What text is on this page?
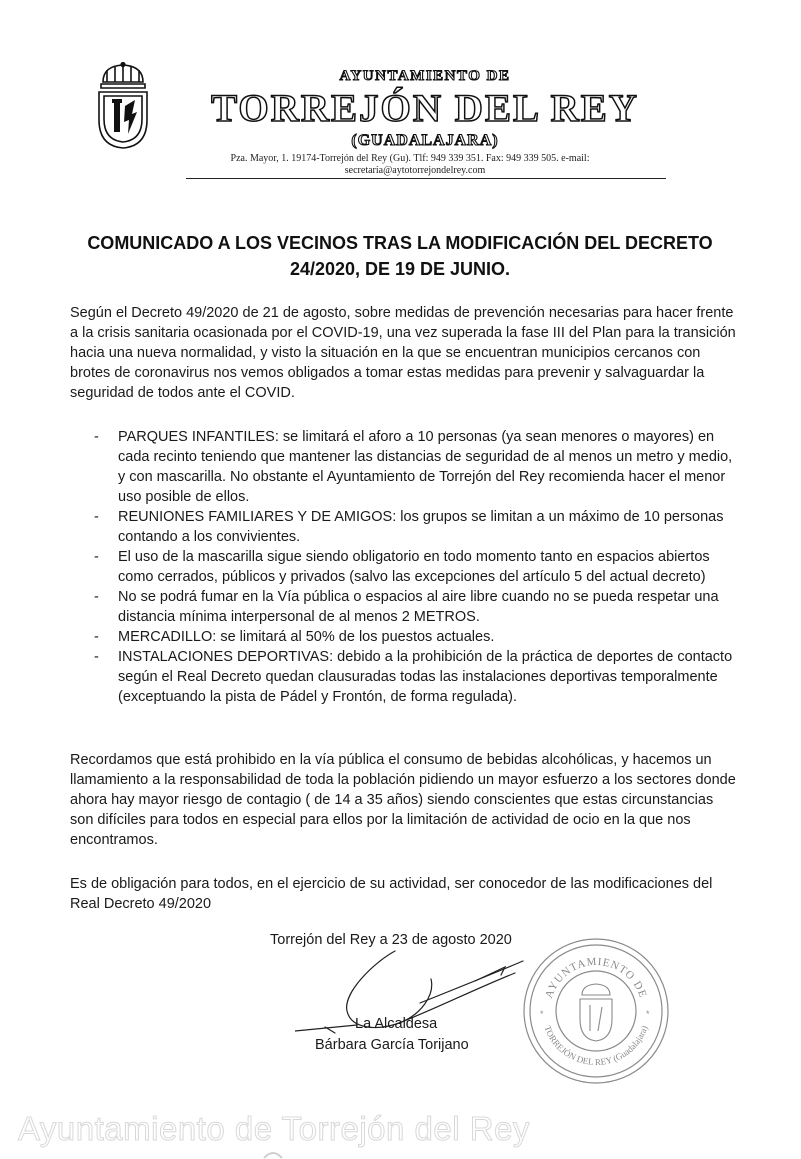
AYUNTAMIENTO DE
TORREJÓN DEL REY
(GUADALAJARA)
Pza. Mayor, 1. 19174-Torrejón del Rey (Gu). Tlf: 949 339 351. Fax: 949 339 505. e-mail:
secretaria@aytotorrejondelrey.com
COMUNICADO A LOS VECINOS TRAS LA MODIFICACIÓN DEL DECRETO 24/2020, DE 19 DE JUNIO.
Según el Decreto 49/2020 de 21 de agosto, sobre medidas de prevención necesarias para hacer frente a la crisis sanitaria ocasionada por el COVID-19, una vez superada la fase III del Plan para la transición hacia una nueva normalidad, y visto la situación en la que se encuentran municipios cercanos con brotes de coronavirus nos vemos obligados a tomar estas medidas para prevenir y salvaguardar la seguridad de todos ante el COVID.
- PARQUES INFANTILES: se limitará el aforo a 10 personas (ya sean menores o mayores) en cada recinto teniendo que mantener las distancias de seguridad de al menos un metro y medio, y con mascarilla. No obstante el Ayuntamiento de Torrejón del Rey recomienda hacer el menor uso posible de ellos.
- REUNIONES FAMILIARES Y DE AMIGOS: los grupos se limitan a un máximo de 10 personas contando a los convivientes.
- El uso de la mascarilla sigue siendo obligatorio en todo momento tanto en espacios abiertos como cerrados, públicos y privados (salvo las excepciones del artículo 5 del actual decreto)
- No se podrá fumar en la Vía pública o espacios al aire libre cuando no se pueda respetar una distancia mínima interpersonal de al menos 2 METROS.
- MERCADILLO: se limitará al 50% de los puestos actuales.
- INSTALACIONES DEPORTIVAS: debido a la prohibición de la práctica de deportes de contacto según el Real Decreto quedan clausuradas todas las instalaciones deportivas temporalmente (exceptuando la pista de Pádel y Frontón, de forma regulada).
Recordamos que está prohibido en la vía pública el consumo de bebidas alcohólicas, y hacemos un llamamiento a la responsabilidad de toda la población pidiendo un mayor esfuerzo a los sectores donde ahora hay mayor riesgo de contagio ( de 14 a 35 años) siendo conscientes que estas circunstancias son difíciles para todos en especial para ellos por la limitación de actividad de ocio en la que nos encontramos.
Es de obligación para todos, en el ejercicio de su actividad, ser conocedor de las modificaciones del Real Decreto 49/2020
Torrejón del Rey a 23 de agosto 2020
La Alcaldesa
Bárbara García Torijano
AYUNTAMIENTO DE
TORREJÓN DEL REY (Guadalajara)
*	*
Ayuntamiento de Torrejón del Rey
